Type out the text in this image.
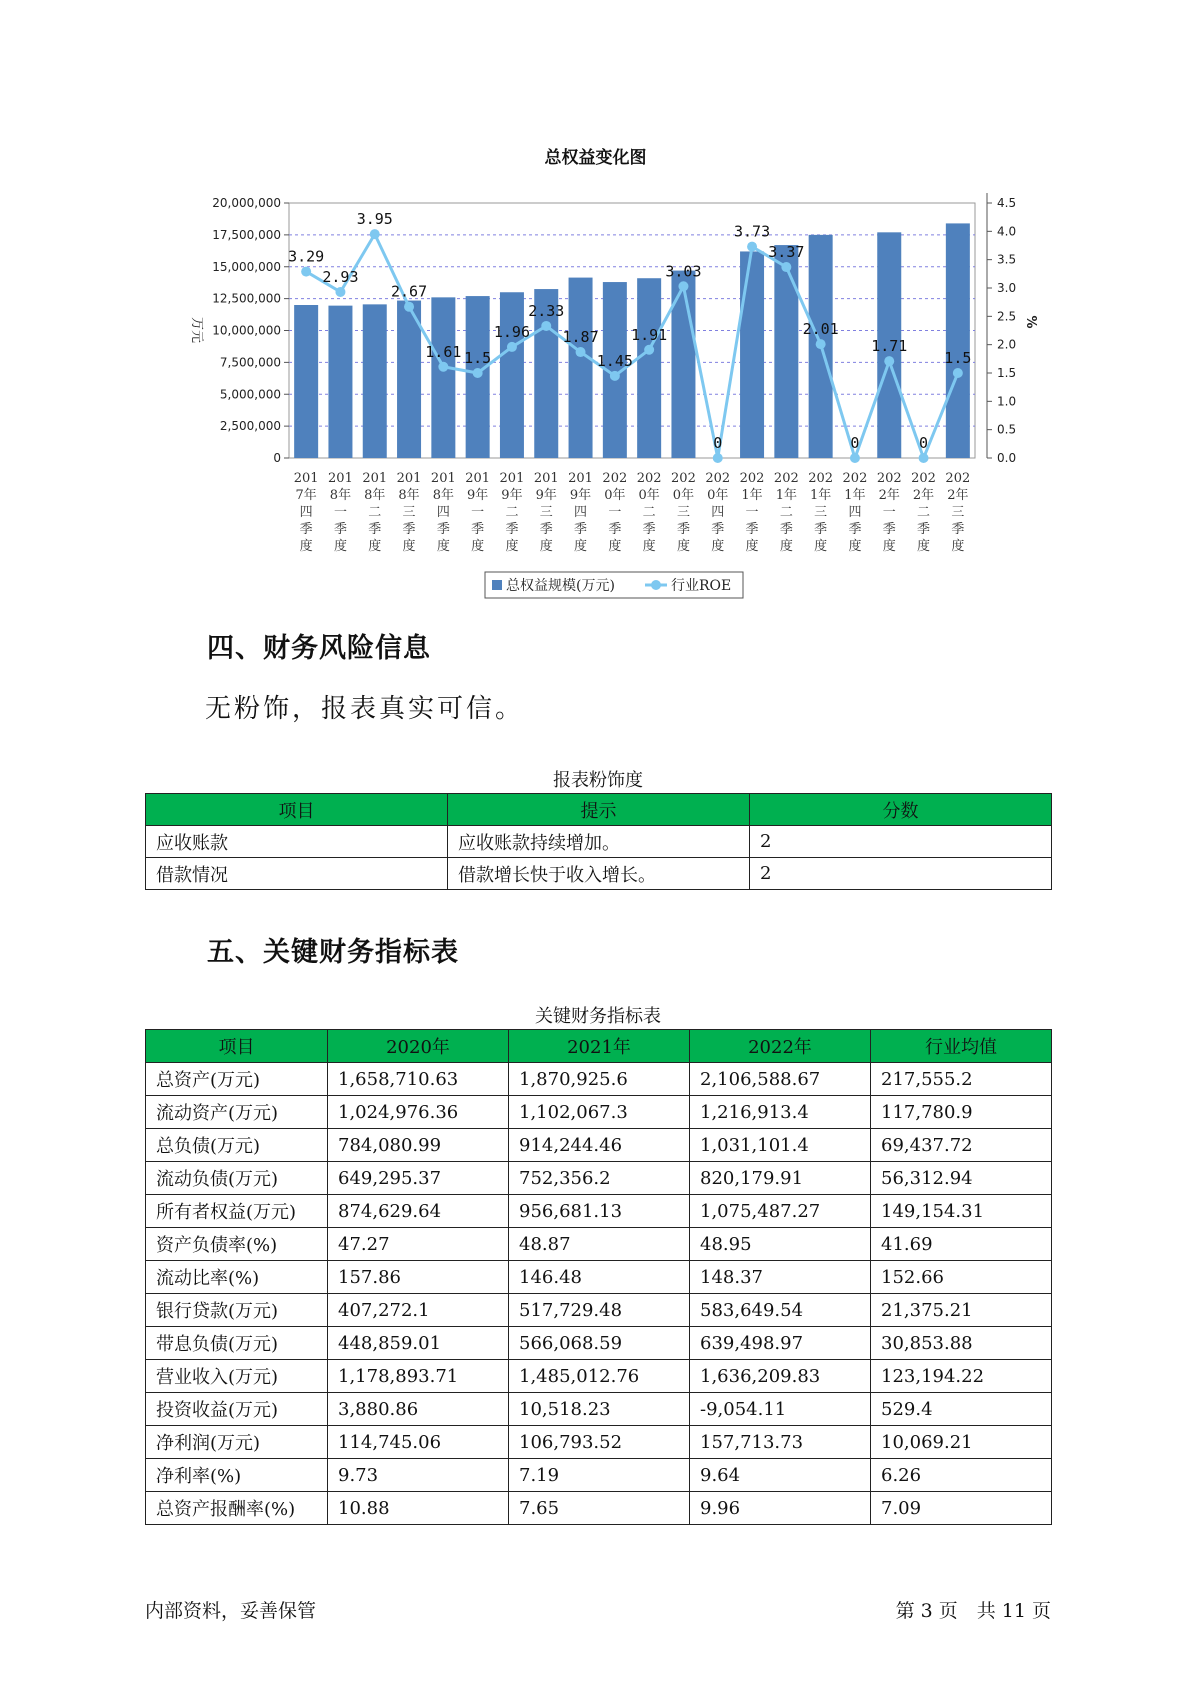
总权益变化图
0
2,500,000
5,000,000
7,500,000
10,000,000
12,500,000
15,000,000
17,500,000
20,000,000
0.0
0.5
1.0
1.5
2.0
2.5
3.0
3.5
4.0
4.5
万元	%
3.29
2.93
3.95
2.67
1.61 1.5
1.96
2.33
1.87
1.45
1.91
3.03
0
3.73
3.37
2.01
0
1.71
0
1.5
201
7年
四
季
度
201
8年
一
季
度
201
8年
二
季
度
201
8年
三
季
度
201
8年
四
季
度
201
9年
一
季
度
201
9年
二
季
度
201
9年
三
季
度
201
9年
四
季
度
202
0年
一
季
度
202
0年
二
季
度
202
0年
三
季
度
202
0年
四
季
度
202
1年
一
季
度
202
1年
二
季
度
202
1年
三
季
度
202
1年
四
季
度
202
2年
一
季
度
202
2年
二
季
度
202
2年
三
季
度
总权益规模(万元)	行业ROE
四、财务风险信息
无粉饰，报表真实可信。
报表粉饰度
项目	提示	分数
应收账款	应收账款持续增加。	2
借款情况	借款增长快于收入增长。	2
五、关键财务指标表
关键财务指标表
项目	2020年	2021年	2022年	行业均值
总资产(万元)	1,658,710.63	1,870,925.6	2,106,588.67	217,555.2
流动资产(万元)	1,024,976.36	1,102,067.3	1,216,913.4	117,780.9
总负债(万元)	784,080.99	914,244.46	1,031,101.4	69,437.72
流动负债(万元)	649,295.37	752,356.2	820,179.91	56,312.94
所有者权益(万元)	874,629.64	956,681.13	1,075,487.27	149,154.31
资产负债率(%)	47.27	48.87	48.95	41.69
流动比率(%)	157.86	146.48	148.37	152.66
银行贷款(万元)	407,272.1	517,729.48	583,649.54	21,375.21
带息负债(万元)	448,859.01	566,068.59	639,498.97	30,853.88
营业收入(万元)	1,178,893.71	1,485,012.76	1,636,209.83	123,194.22
投资收益(万元)	3,880.86	10,518.23	-9,054.11	529.4
净利润(万元)	114,745.06	106,793.52	157,713.73	10,069.21
净利率(%)	9.73	7.19	9.64	6.26
总资产报酬率(%)	10.88	7.65	9.96	7.09
内部资料，妥善保管	第 3 页　共 11 页
